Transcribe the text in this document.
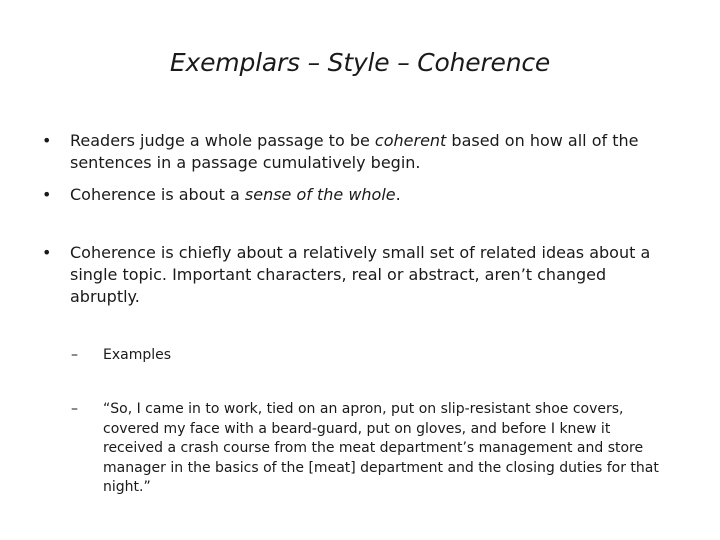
Exemplars – Style – Coherence
• Readers judge a whole passage to be coherent based on how all of the sentences in a passage cumulatively begin.
• Coherence is about a sense of the whole.
• Coherence is chiefly about a relatively small set of related ideas about a single topic. Important characters, real or abstract, aren’t changed abruptly.
– Examples
– “So, I came in to work, tied on an apron, put on slip-resistant shoe covers, covered my face with a beard-guard, put on gloves, and before I knew it received a crash course from the meat department’s management and store manager in the basics of the [meat] department and the closing duties for that night.”
